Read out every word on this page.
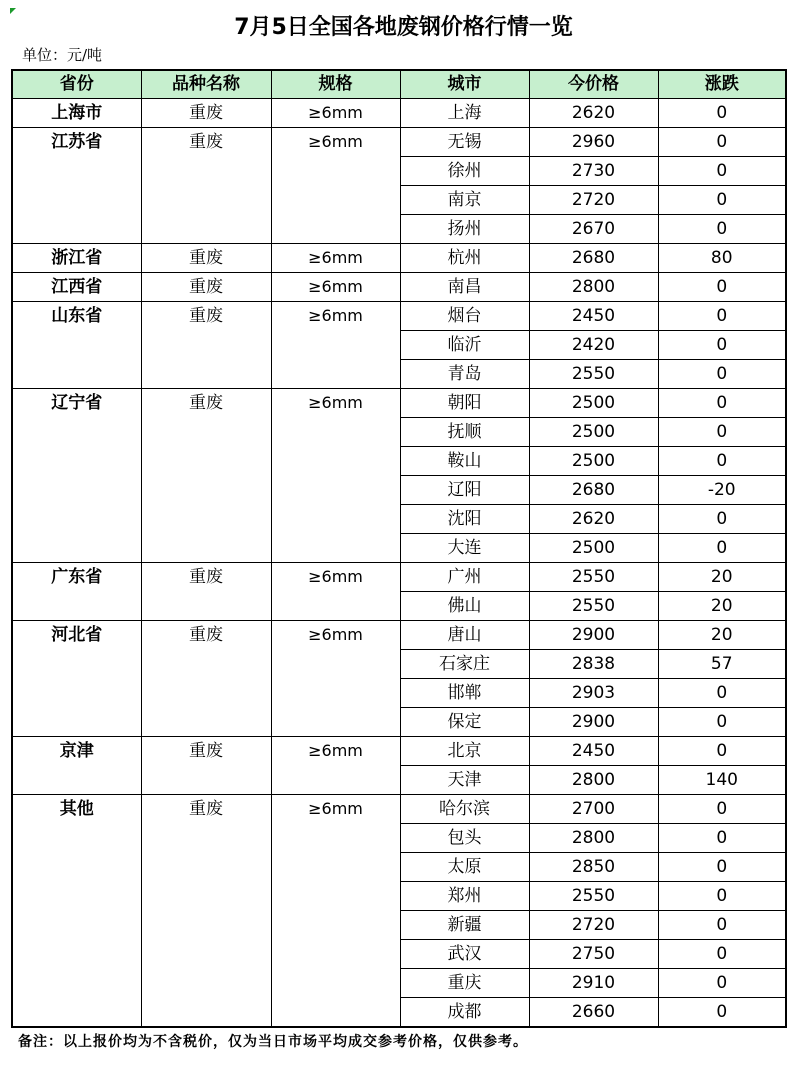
7月5日全国各地废钢价格行情一览
单位：元/吨
省份	品种名称	规格	城市	今价格	涨跌
上海市	重废	≥6mm	上海	2620	0
江苏省	重废	≥6mm	无锡	2960	0
			徐州	2730	0
			南京	2720	0
			扬州	2670	0
浙江省	重废	≥6mm	杭州	2680	80
江西省	重废	≥6mm	南昌	2800	0
山东省	重废	≥6mm	烟台	2450	0
			临沂	2420	0
			青岛	2550	0
辽宁省	重废	≥6mm	朝阳	2500	0
			抚顺	2500	0
			鞍山	2500	0
			辽阳	2680	-20
			沈阳	2620	0
			大连	2500	0
广东省	重废	≥6mm	广州	2550	20
			佛山	2550	20
河北省	重废	≥6mm	唐山	2900	20
			石家庄	2838	57
			邯郸	2903	0
			保定	2900	0
京津	重废	≥6mm	北京	2450	0
			天津	2800	140
其他	重废	≥6mm	哈尔滨	2700	0
			包头	2800	0
			太原	2850	0
			郑州	2550	0
			新疆	2720	0
			武汉	2750	0
			重庆	2910	0
			成都	2660	0
备注：以上报价均为不含税价，仅为当日市场平均成交参考价格，仅供参考。
